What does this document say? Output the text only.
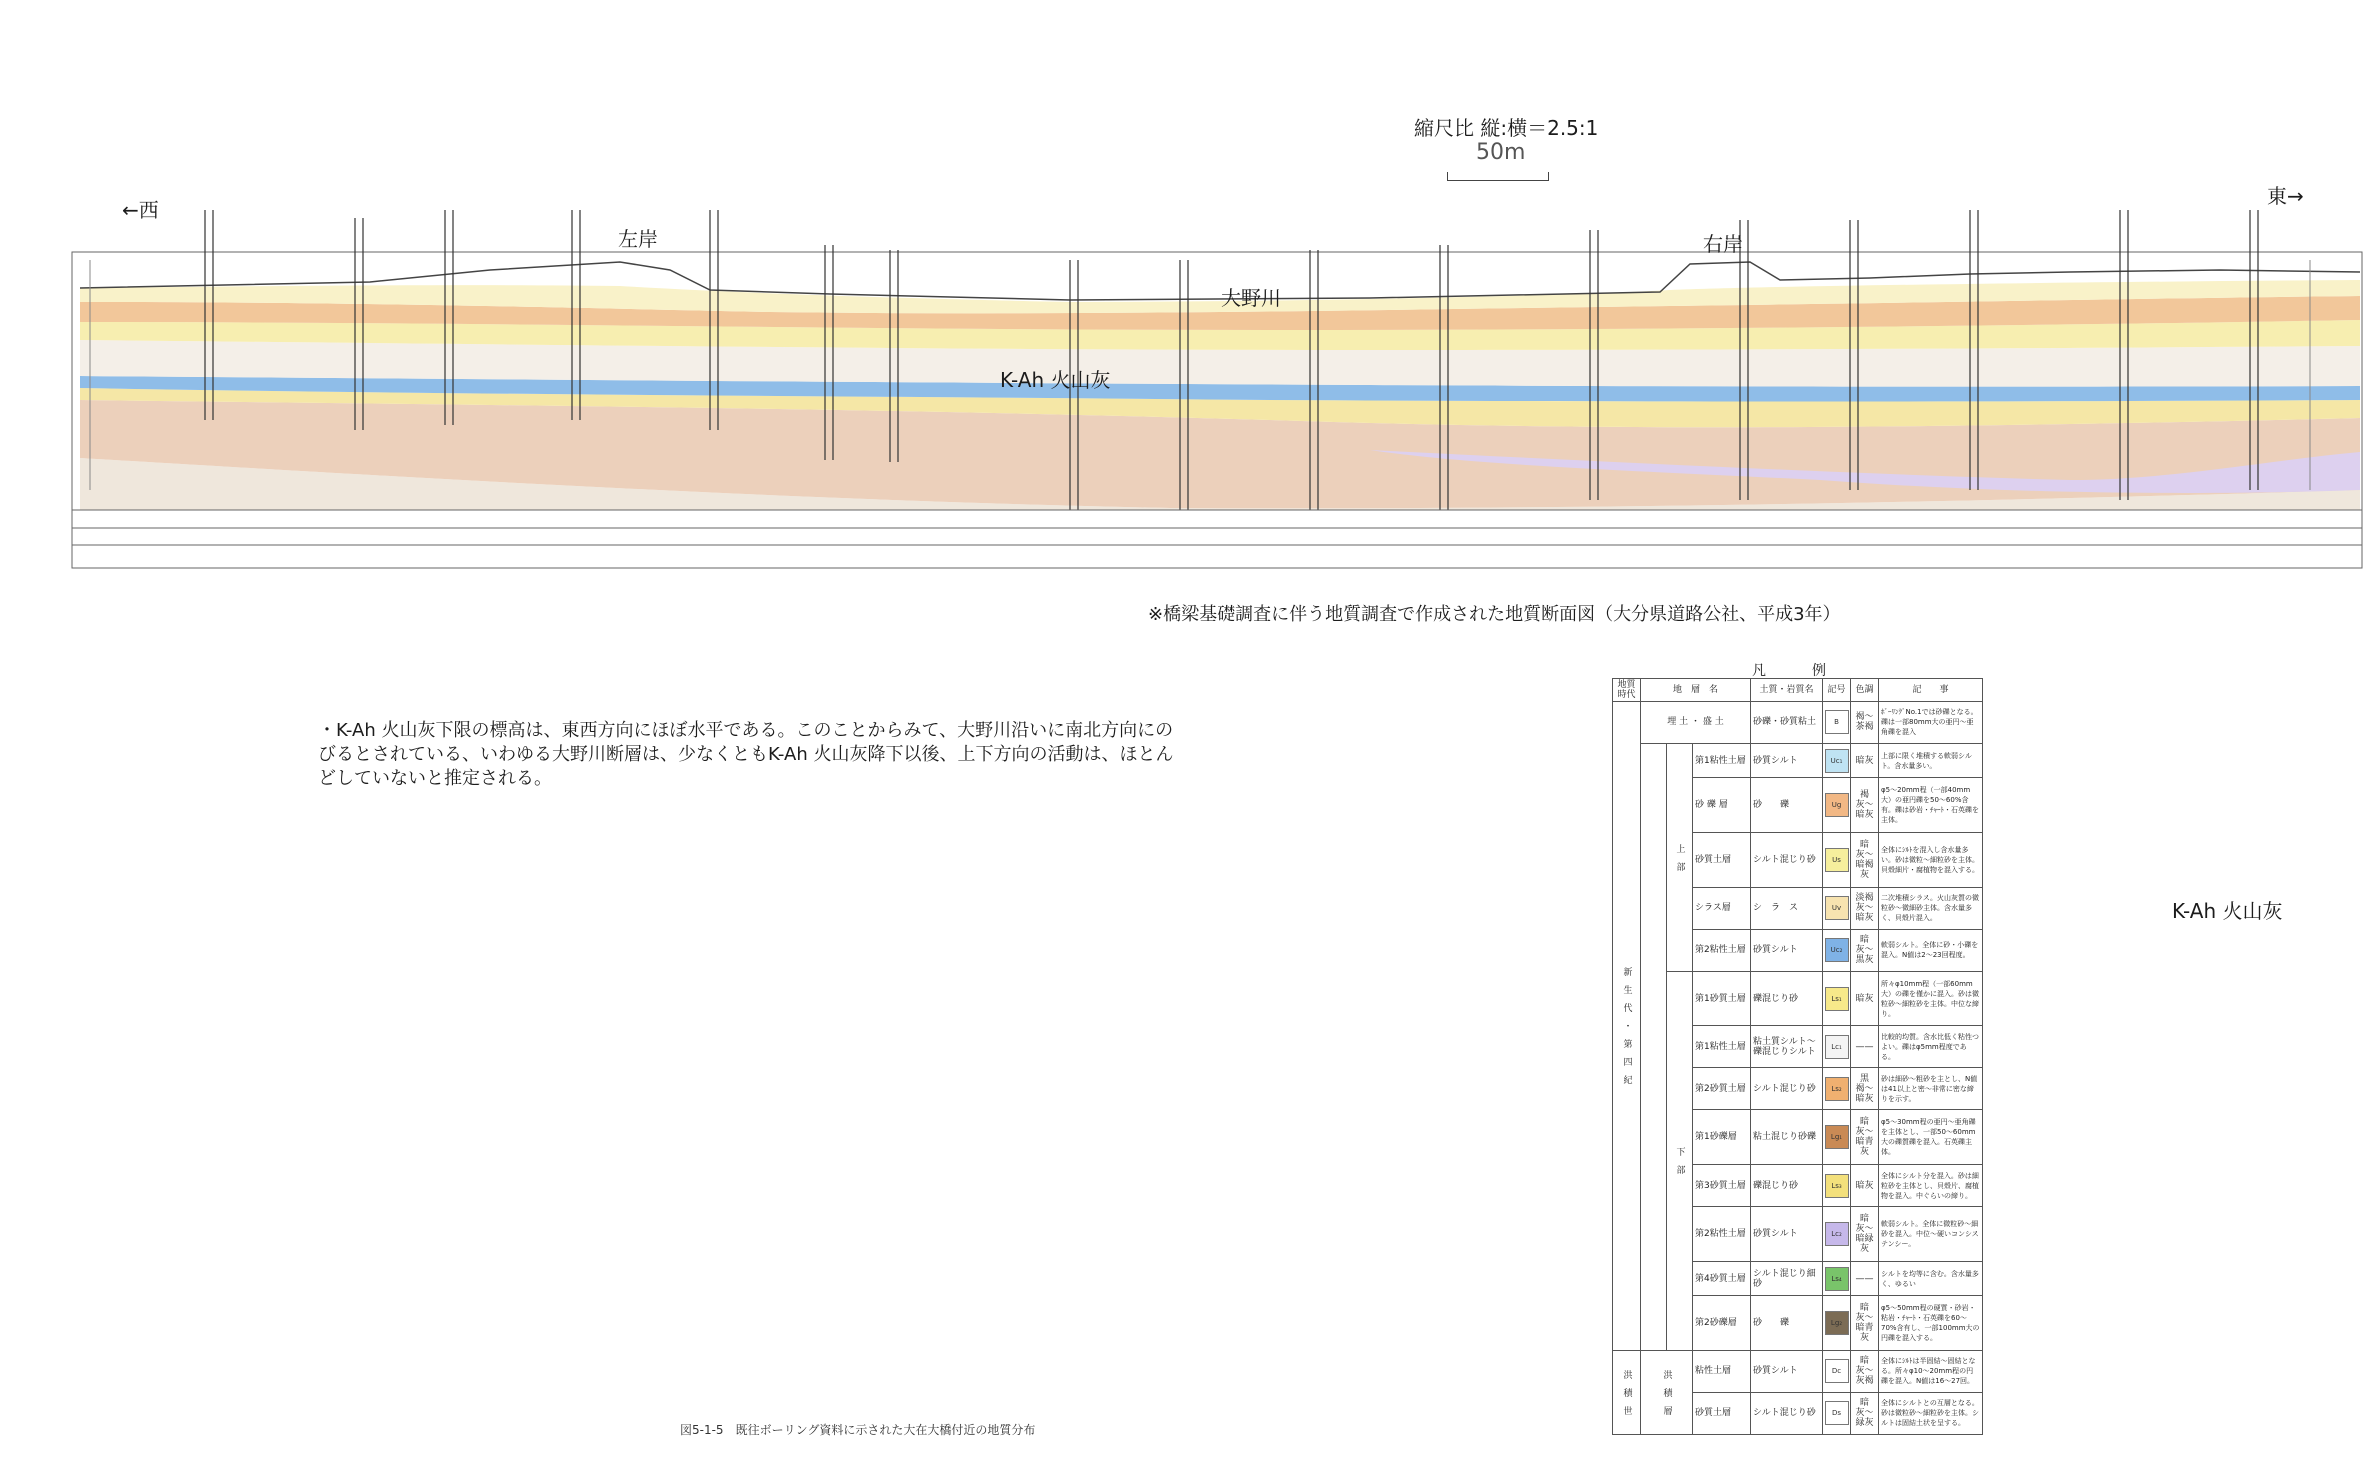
縮尺比 縦:横＝2.5:1
50m
←西
東→
左岸	右岸
大野川
K-Ah 火山灰
※橋梁基礎調査に伴う地質調査で作成された地質断面図（大分県道路公社、平成3年）
・K-Ah 火山灰下限の標高は、東西方向にほぼ水平である。このことからみて、大野川沿いに南北方向にのびるとされている、いわゆる大野川断層は、少なくともK-Ah 火山灰降下以後、上下方向の活動は、ほとんどしていないと推定される。
図5-1-5　既往ボーリング資料に示された大在大橋付近の地質分布
凡　　例
K-Ah 火山灰
地質時代	地　層　名			土質・岩質名	記号	色調	記　　事
新　生　代　・　第　四　紀	埋 土 ・ 盛 土			砂礫・砂質粘土	B	褐〜茶褐	ﾎﾞｰﾘﾝｸﾞNo.1では砂礫となる。礫は一部80mm大の亜円〜亜角礫を混入
		上　部	第1粘性土層	砂質シルト	Uc₁	暗灰	上部に限く堆積する軟弱シルト。含水量多い。
			砂 礫 層	砂　　礫	Ug	褐灰〜暗灰	φ5〜20mm程（一部40mm大）の亜円礫を50〜60%含有。礫は砂岩・ﾁｬｰﾄ・石英礫を主体。
			砂質土層	シルト混じり砂	Us	暗灰〜暗褐灰	全体にｼﾙﾄを混入し含水量多い。砂は微粒〜細粒砂を主体。貝殻細片・腐植物を混入する。
			シラス層	シ　ラ　ス	Uv	淡褐灰〜暗灰	二次堆積シラス。火山灰質の微粒砂〜微細砂主体。含水量多く、貝殻片混入。
			第2粘性土層	砂質シルト	Uc₂	暗灰〜黒灰	軟弱シルト。全体に砂・小礫を混入。N値は2〜23回程度。
		下　部	第1砂質土層	礫混じり砂	Ls₁	暗灰	所々φ10mm程（一部60mm大）の礫を僅かに混入。砂は微粒砂〜細粒砂を主体。中位な締り。
			第1粘性土層	粘土質シルト〜礫混じりシルト	Lc₁	——	比較的均質。含水比低く粘性つよい。礫はφ5mm程度である。
			第2砂質土層	シルト混じり砂	Ls₂	黒褐〜暗灰	砂は細砂〜粗砂を主とし、N値は41以上と密〜非常に密な締りを示す。
			第1砂礫層	粘土混じり砂礫	Lg₁	暗灰〜暗青灰	φ5〜30mm程の亜円〜亜角礫を主体とし、一部50〜60mm大の礫質礫を混入。石英礫主体。
			第3砂質土層	礫混じり砂	Ls₃	暗灰	全体にシルト分を混入。砂は細粒砂を主体とし、貝殻片、腐植物を混入。中ぐらいの締り。
			第2粘性土層	砂質シルト	Lc₂	暗灰〜暗緑灰	軟弱シルト。全体に微粒砂〜細砂を混入。中位〜硬いコンシステンシー。
			第4砂質土層	シルト混じり細砂	Ls₄	——	シルトを均等に含む。含水量多く、ゆるい
			第2砂礫層	砂　　礫	Lg₂	暗灰〜暗青灰	φ5〜50mm程の硬質・砂岩・粘岩・ﾁｬｰﾄ・石英礫を60〜70%含有し、一部100mm大の円礫を混入する。
洪　積　世	洪　積　層		粘性土層	砂質シルト	Dc	暗灰〜灰褐	全体にｼﾙﾄは半固結〜固結となる。所々φ10〜20mm程の円礫を混入。N値は16〜27回。
			砂質土層	シルト混じり砂	Ds	暗灰〜緑灰	全体にシルトとの互層となる。砂は微粒砂〜細粒砂を主体。シルトは固結土状を呈する。
